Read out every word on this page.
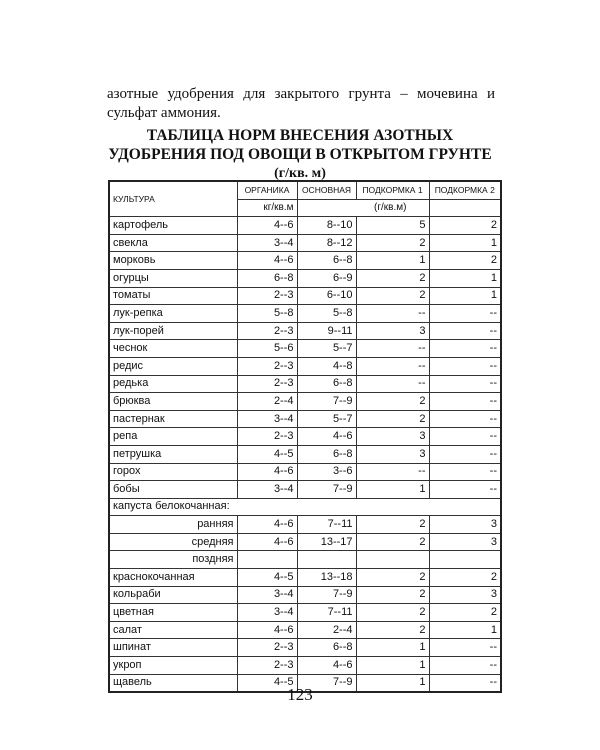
азотные удобрения для закрытого грунта – мочевина и сульфат аммония.

ТАБЛИЦА НОРМ ВНЕСЕНИЯ АЗОТНЫХ
УДОБРЕНИЯ ПОД ОВОЩИ В ОТКРЫТОМ ГРУНТЕ
(г/кв. м)
КУЛЬТУРА	ОРГАНИКА	ОСНОВНАЯ	ПОДКОРМКА 1	ПОДКОРМКА 2
	кг/кв.м		(г/кв.м)	
картофель	4--6	8--10	5	2
свекла	3--4	8--12	2	1
морковь	4--6	6--8	1	2
огурцы	6--8	6--9	2	1
томаты	2--3	6--10	2	1
лук-репка	5--8	5--8	--	--
лук-порей	2--3	9--11	3	--
чеснок	5--6	5--7	--	--
редис	2--3	4--8	--	--
редька	2--3	6--8	--	--
брюква	2--4	7--9	2	--
пастернак	3--4	5--7	2	--
репа	2--3	4--6	3	--
петрушка	4--5	6--8	3	--
горох	4--6	3--6	--	--
бобы	3--4	7--9	1	--
капуста белокочанная:				
ранняя	4--6	7--11	2	3
средняя	4--6	13--17	2	3
поздняя				
краснокочанная	4--5	13--18	2	2
кольраби	3--4	7--9	2	3
цветная	3--4	7--11	2	2
салат	4--6	2--4	2	1
шпинат	2--3	6--8	1	--
укроп	2--3	4--6	1	--
щавель	4--5	7--9	1	--
123
